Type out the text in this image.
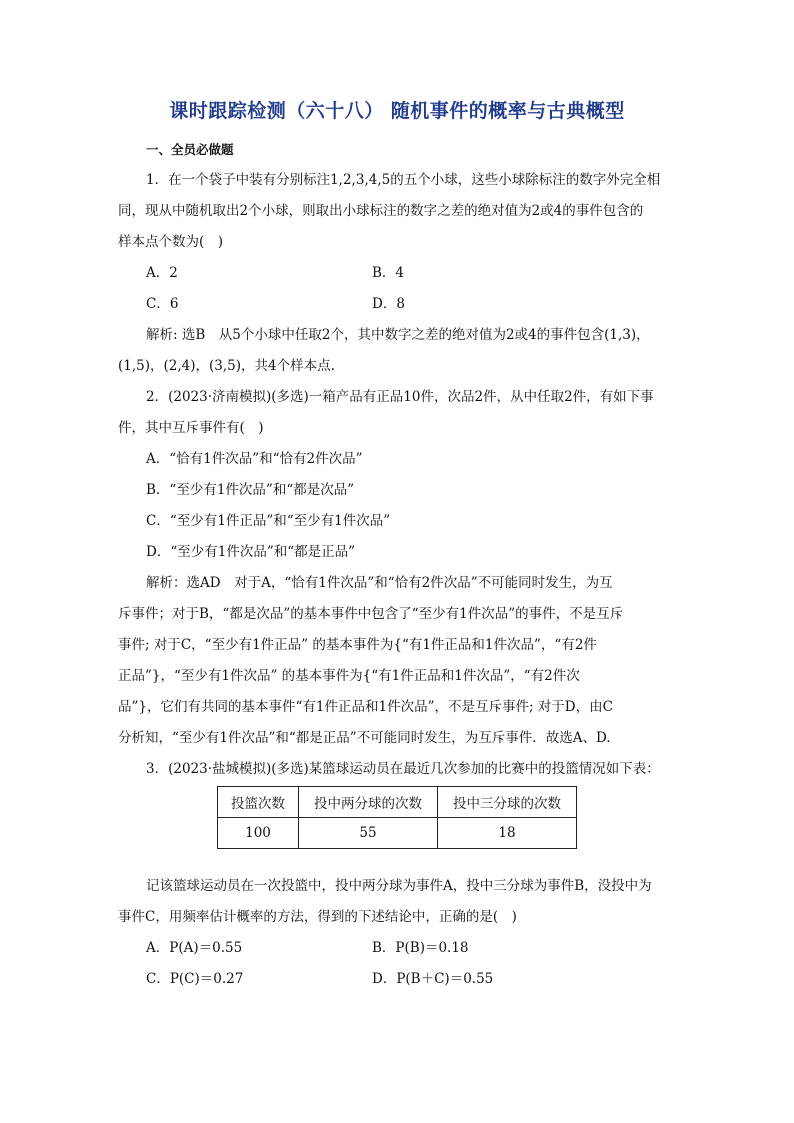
课时跟踪检测（六十八） 随机事件的概率与古典概型
一、全员必做题
1．在一个袋子中装有分别标注1,2,3,4,5的五个小球，这些小球除标注的数字外完全相
同，现从中随机取出2个小球，则取出小球标注的数字之差的绝对值为2或4的事件包含的
样本点个数为(　)
A．2	B．4
C．6	D．8
解析: 选B　从5个小球中任取2个，其中数字之差的绝对值为2或4的事件包含(1,3)，
(1,5)，(2,4)，(3,5)，共4个样本点.
2．(2023·济南模拟)(多选)一箱产品有正品10件，次品2件，从中任取2件，有如下事
件，其中互斥事件有(　)
A．“恰有1件次品”和“恰有2件次品”
B．“至少有1件次品”和“都是次品”
C．“至少有1件正品”和“至少有1件次品”
D．“至少有1件次品”和“都是正品”
解析：选AD　对于A，“恰有1件次品”和“恰有2件次品”不可能同时发生，为互
斥事件；对于B，“都是次品”的基本事件中包含了“至少有1件次品”的事件，不是互斥
事件; 对于C，“至少有1件正品” 的基本事件为{“有1件正品和1件次品”，“有2件
正品”}，“至少有1件次品” 的基本事件为{“有1件正品和1件次品”，“有2件次
品”}，它们有共同的基本事件“有1件正品和1件次品”，不是互斥事件; 对于D，由C
分析知，“至少有1件次品”和“都是正品”不可能同时发生，为互斥事件．故选A、D.
3．(2023·盐城模拟)(多选)某篮球运动员在最近几次参加的比赛中的投篮情况如下表：
投篮次数	投中两分球的次数	投中三分球的次数
100	55	18
记该篮球运动员在一次投篮中，投中两分球为事件A，投中三分球为事件B，没投中为
事件C，用频率估计概率的方法，得到的下述结论中，正确的是(　)
A．P(A)＝0.55	B．P(B)＝0.18
C．P(C)＝0.27	D．P(B＋C)＝0.55
